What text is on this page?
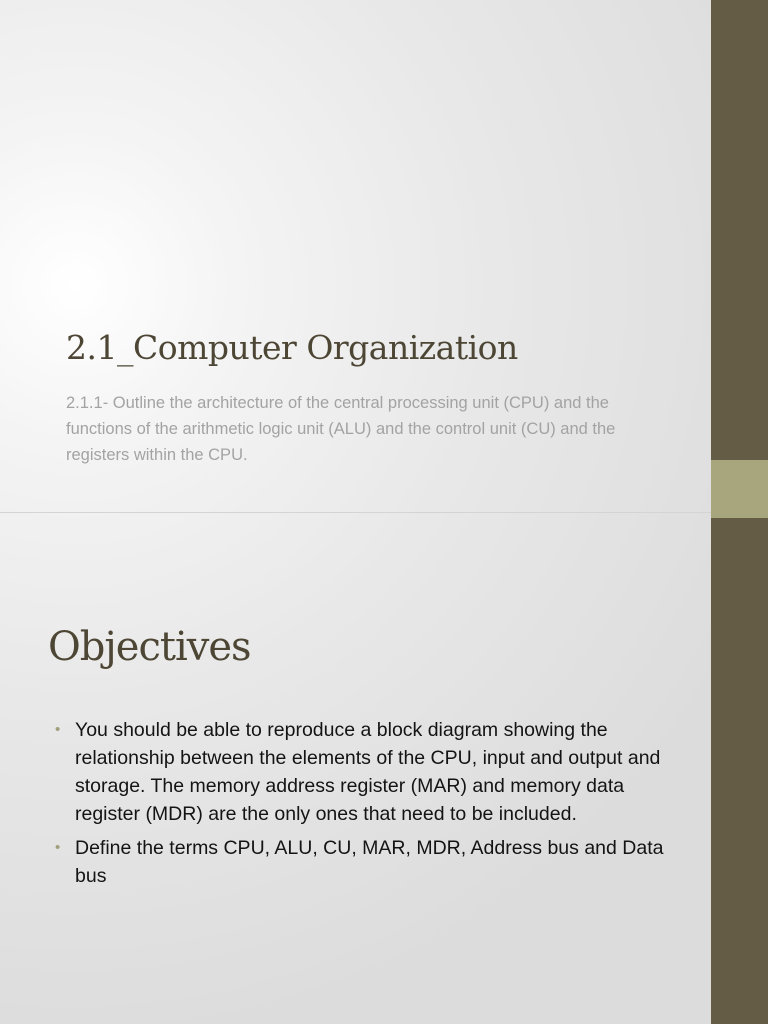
2.1_Computer Organization

2.1.1- Outline the architecture of the central processing unit (CPU) and the functions of the arithmetic logic unit (ALU) and the control unit (CU) and the registers within the CPU.

Objectives
• You should be able to reproduce a block diagram showing the relationship between the elements of the CPU, input and output and storage. The memory address register (MAR) and memory data register (MDR) are the only ones that need to be included.
• Define the terms CPU, ALU, CU, MAR, MDR, Address bus and Data bus
